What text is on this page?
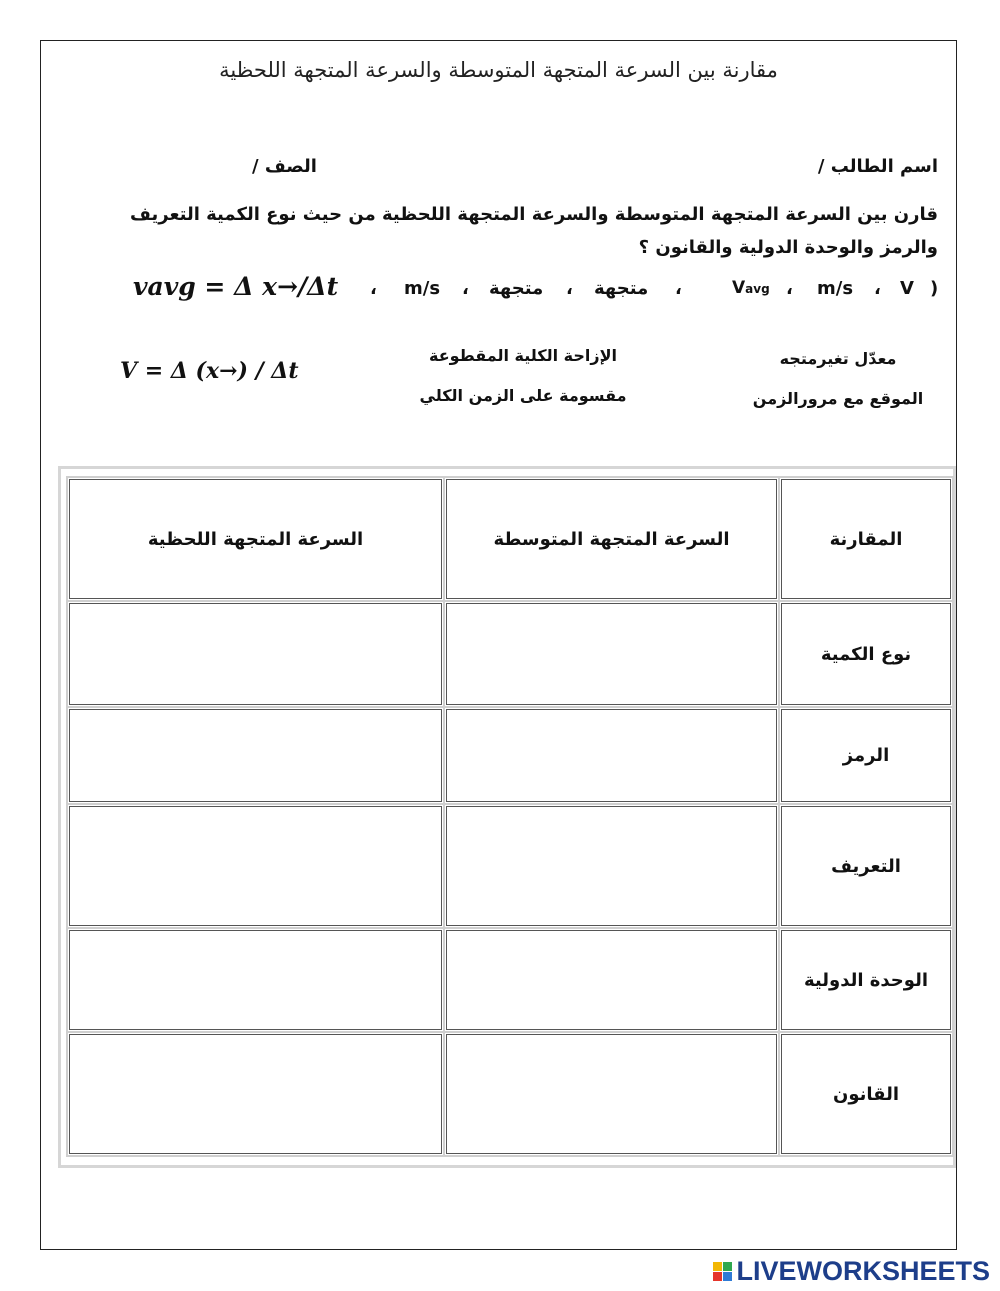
مقارنة بين السرعة المتجهة المتوسطة والسرعة المتجهة اللحظية
اسم الطالب /
الصف /
قارن بين السرعة المتجهة المتوسطة والسرعة المتجهة اللحظية من حيث نوع الكمية التعريف والرمز والوحدة الدولية والقانون ؟
vavg = Δ x→/Δt ، m/s ، متجهة ، متجهة ،	Vavg ، m/s ، V )
V = Δ (x→) / Δt
الإزاحة الكلية المقطوعة
مقسومة على الزمن الكلي
معدّل تغيرمتجه
الموقع مع مرورالزمن
المقارنة	السرعة المتجهة المتوسطة	السرعة المتجهة اللحظية
نوع الكمية		
الرمز		
التعريف		
الوحدة الدولية		
القانون		
LIVEWORKSHEETS
